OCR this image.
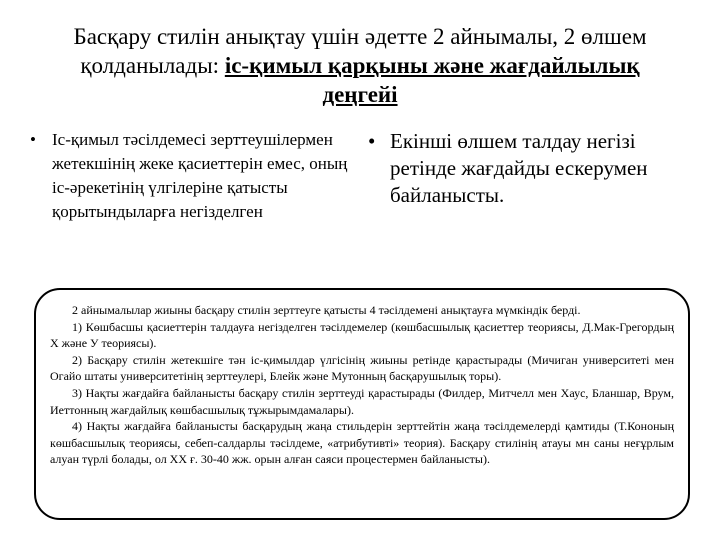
Басқару стилін анықтау үшін әдетте 2 айнымалы, 2 өлшем қолданылады: іс-қимыл қарқыны және жағдайлылық деңгейі
• Іс-қимыл тәсілдемесі зерттеушілермен жетекшінің жеке қасиеттерін емес, оның іс-әрекетінің үлгілеріне қатысты қорытындыларға негізделген
• Екінші өлшем талдау негізі ретінде жағдайды ескерумен байланысты.

2 айнымалылар жиыны басқару стилін зерттеуге қатысты 4 тәсілдемені анықтауға мүмкіндік берді.

1) Көшбасшы қасиеттерін талдауға негізделген тәсілдемелер (көшбасшылық қасиеттер теориясы, Д.Мак-Грегордың Х және У теориясы).

2) Басқару стилін жетекшіге тән іс-қимылдар үлгісінің жиыны ретінде қарастырады (Мичиган университеті мен Огайо штаты университетінің зерттеулері, Блейк және Мутонның басқарушылық торы).

3) Нақты жағдайға байланысты басқару стилін зерттеуді қарастырады (Филдер, Митчелл мен Хаус, Бланшар, Врум, Иеттонның жағдайлық көшбасшылық тұжырымдамалары).

4) Нақты жағдайға байланысты басқарудың жаңа стильдерін зерттейтін жаңа тәсілдемелерді қамтиды (Т.Кононың көшбасшылық теориясы, себеп-салдарлы тәсілдеме, «атрибутивті» теория). Басқару стилінің атауы мн саны неғұрлым алуан түрлі болады, ол ХХ ғ. 30-40 жж. орын алған саяси процестермен байланысты).
